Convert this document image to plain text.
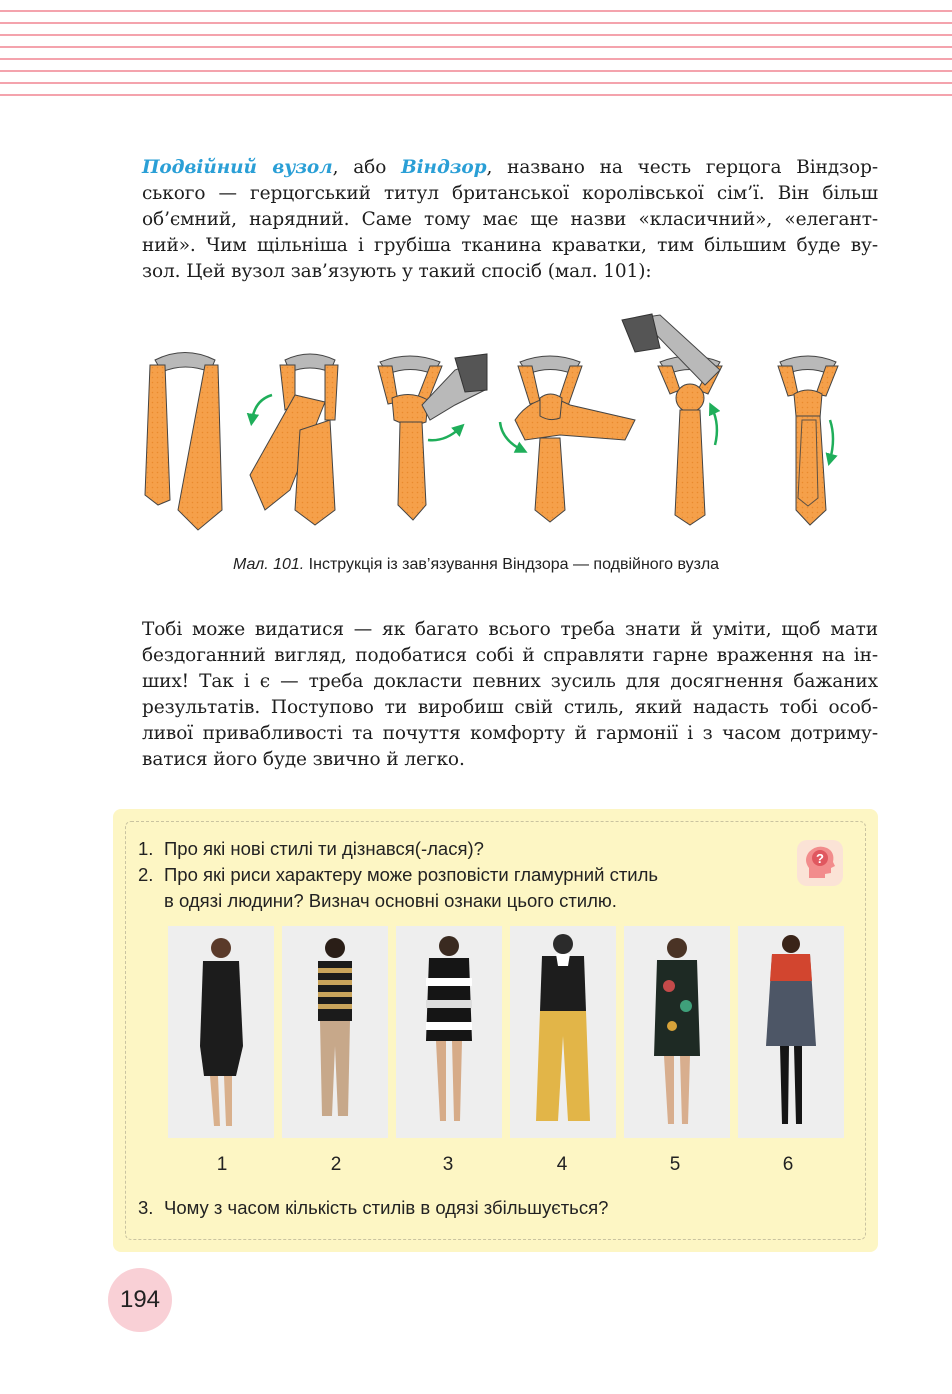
Подвійний вузол, або Віндзор, названо на честь герцога Віндзор-
ського — герцогський титул британської королівської сім’ї. Він більш
об’ємний, нарядний. Саме тому має ще назви «класичний», «елегант-
ний». Чим щільніша і грубіша тканина краватки, тим більшим буде ву-
зол. Цей вузол зав’язують у такий спосіб (мал. 101):
Мал. 101. Інструкція із зав’язування Віндзора — подвійного вузла
Тобі може видатися — як багато всього треба знати й уміти, щоб мати
бездоганний вигляд, подобатися собі й справляти гарне враження на ін-
ших! Так і є — треба докласти певних зусиль для досягнення бажаних
результатів. Поступово ти виробиш свій стиль, який надасть тобі особ-
ливої привабливості та почуття комфорту й гармонії і з часом дотриму-
ватися його буде звично й легко.
1. Про які нові стилі ти дізнався(-лася)?
2. Про які риси характеру може розповісти гламурний стиль
в одязі людини? Визнач основні ознаки цього стилю.
?
1	2	3	4	5	6
3. Чому з часом кількість стилів в одязі збільшується?
194
